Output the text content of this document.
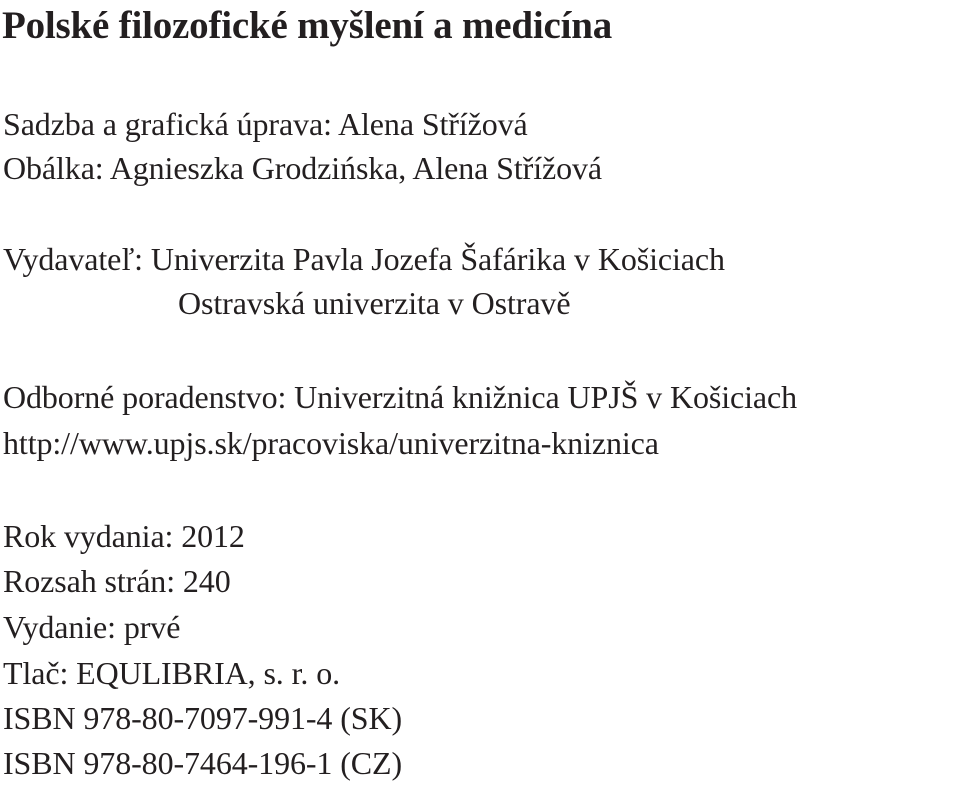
Polské filozofické myšlení a medicína

Sadzba a grafická úprava: Alena Střížová

Obálka: Agnieszka Grodzińska, Alena Střížová

Vydavateľ: Univerzita Pavla Jozefa Šafárika v Košiciach

Ostravská univerzita v Ostravě

Odborné poradenstvo: Univerzitná knižnica UPJŠ v Košiciach

http://www.upjs.sk/pracoviska/univerzitna-kniznica

Rok vydania: 2012

Rozsah strán: 240

Vydanie: prvé

Tlač: EQULIBRIA, s. r. o.

ISBN 978-80-7097-991-4 (SK)

ISBN 978-80-7464-196-1 (CZ)
